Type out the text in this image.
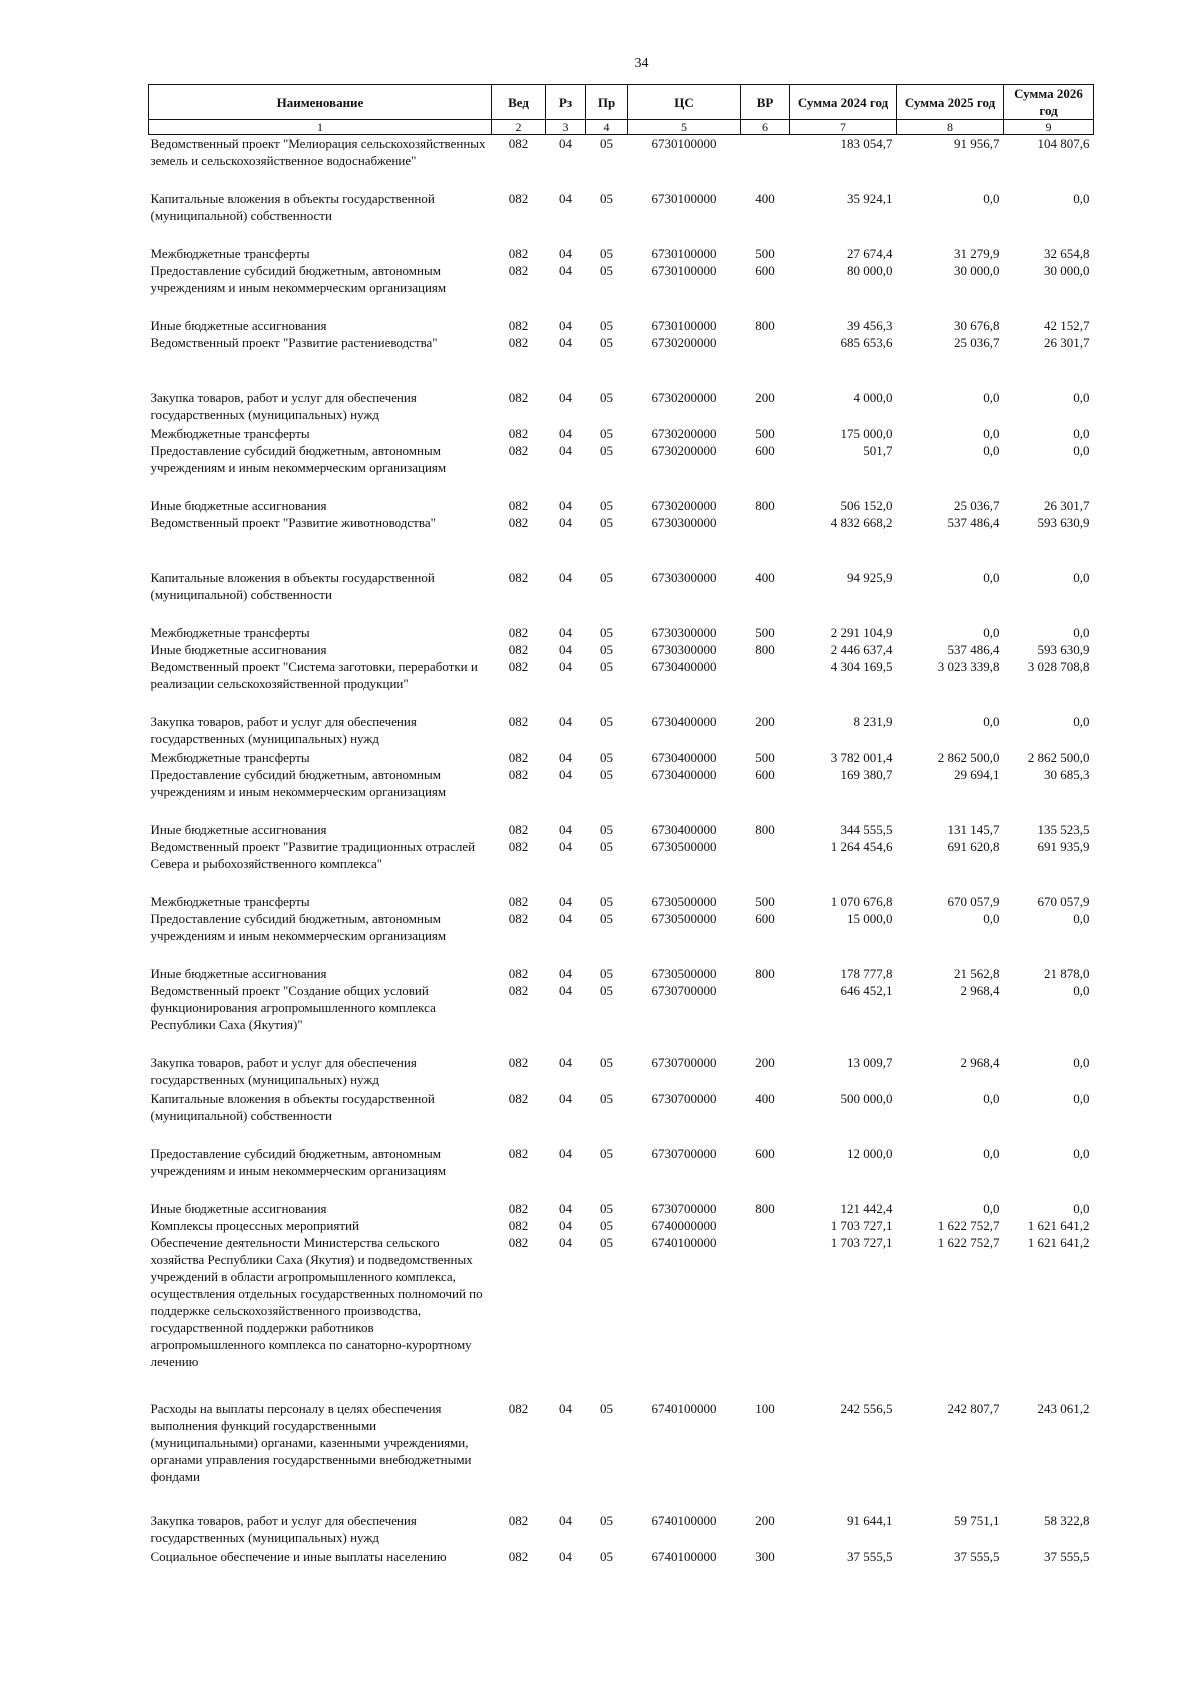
34
Наименование	Вед	Рз	Пр	ЦС	ВР	Сумма 2024 год	Сумма 2025 год	Сумма 2026 год
1	2	3	4	5	6	7	8	9
Ведомственный проект "Мелиорация сельскохозяйственных земель и сельскохозяйственное водоснабжение"	082	04	05	6730100000		183 054,7	91 956,7	104 807,6
Капитальные вложения в объекты государственной (муниципальной) собственности	082	04	05	6730100000	400	35 924,1	0,0	0,0
Межбюджетные трансферты	082	04	05	6730100000	500	27 674,4	31 279,9	32 654,8
Предоставление субсидий бюджетным, автономным учреждениям и иным некоммерческим организациям	082	04	05	6730100000	600	80 000,0	30 000,0	30 000,0
Иные бюджетные ассигнования	082	04	05	6730100000	800	39 456,3	30 676,8	42 152,7
Ведомственный проект "Развитие растениеводства"	082	04	05	6730200000		685 653,6	25 036,7	26 301,7
Закупка товаров, работ и услуг для обеспечения государственных (муниципальных) нужд	082	04	05	6730200000	200	4 000,0	0,0	0,0
Межбюджетные трансферты	082	04	05	6730200000	500	175 000,0	0,0	0,0
Предоставление субсидий бюджетным, автономным учреждениям и иным некоммерческим организациям	082	04	05	6730200000	600	501,7	0,0	0,0
Иные бюджетные ассигнования	082	04	05	6730200000	800	506 152,0	25 036,7	26 301,7
Ведомственный проект "Развитие животноводства"	082	04	05	6730300000		4 832 668,2	537 486,4	593 630,9
Капитальные вложения в объекты государственной (муниципальной) собственности	082	04	05	6730300000	400	94 925,9	0,0	0,0
Межбюджетные трансферты	082	04	05	6730300000	500	2 291 104,9	0,0	0,0
Иные бюджетные ассигнования	082	04	05	6730300000	800	2 446 637,4	537 486,4	593 630,9
Ведомственный проект "Система заготовки, переработки и реализации сельскохозяйственной продукции"	082	04	05	6730400000		4 304 169,5	3 023 339,8	3 028 708,8
Закупка товаров, работ и услуг для обеспечения государственных (муниципальных) нужд	082	04	05	6730400000	200	8 231,9	0,0	0,0
Межбюджетные трансферты	082	04	05	6730400000	500	3 782 001,4	2 862 500,0	2 862 500,0
Предоставление субсидий бюджетным, автономным учреждениям и иным некоммерческим организациям	082	04	05	6730400000	600	169 380,7	29 694,1	30 685,3
Иные бюджетные ассигнования	082	04	05	6730400000	800	344 555,5	131 145,7	135 523,5
Ведомственный проект "Развитие традиционных отраслей Севера и рыбохозяйственного комплекса"	082	04	05	6730500000		1 264 454,6	691 620,8	691 935,9
Межбюджетные трансферты	082	04	05	6730500000	500	1 070 676,8	670 057,9	670 057,9
Предоставление субсидий бюджетным, автономным учреждениям и иным некоммерческим организациям	082	04	05	6730500000	600	15 000,0	0,0	0,0
Иные бюджетные ассигнования	082	04	05	6730500000	800	178 777,8	21 562,8	21 878,0
Ведомственный проект "Создание общих условий функционирования агропромышленного комплекса Республики Саха (Якутия)"	082	04	05	6730700000		646 452,1	2 968,4	0,0
Закупка товаров, работ и услуг для обеспечения государственных (муниципальных) нужд	082	04	05	6730700000	200	13 009,7	2 968,4	0,0
Капитальные вложения в объекты государственной (муниципальной) собственности	082	04	05	6730700000	400	500 000,0	0,0	0,0
Предоставление субсидий бюджетным, автономным учреждениям и иным некоммерческим организациям	082	04	05	6730700000	600	12 000,0	0,0	0,0
Иные бюджетные ассигнования	082	04	05	6730700000	800	121 442,4	0,0	0,0
Комплексы процессных мероприятий	082	04	05	6740000000		1 703 727,1	1 622 752,7	1 621 641,2
Обеспечение деятельности Министерства сельского хозяйства Республики Саха (Якутия) и подведомственных учреждений в области агропромышленного комплекса, осуществления отдельных государственных полномочий по поддержке сельскохозяйственного производства, государственной поддержки работников агропромышленного комплекса по санаторно-курортному лечению	082	04	05	6740100000		1 703 727,1	1 622 752,7	1 621 641,2
Расходы на выплаты персоналу в целях обеспечения выполнения функций государственными (муниципальными) органами, казенными учреждениями, органами управления государственными внебюджетными фондами	082	04	05	6740100000	100	242 556,5	242 807,7	243 061,2
Закупка товаров, работ и услуг для обеспечения государственных (муниципальных) нужд	082	04	05	6740100000	200	91 644,1	59 751,1	58 322,8
Социальное обеспечение и иные выплаты населению	082	04	05	6740100000	300	37 555,5	37 555,5	37 555,5
